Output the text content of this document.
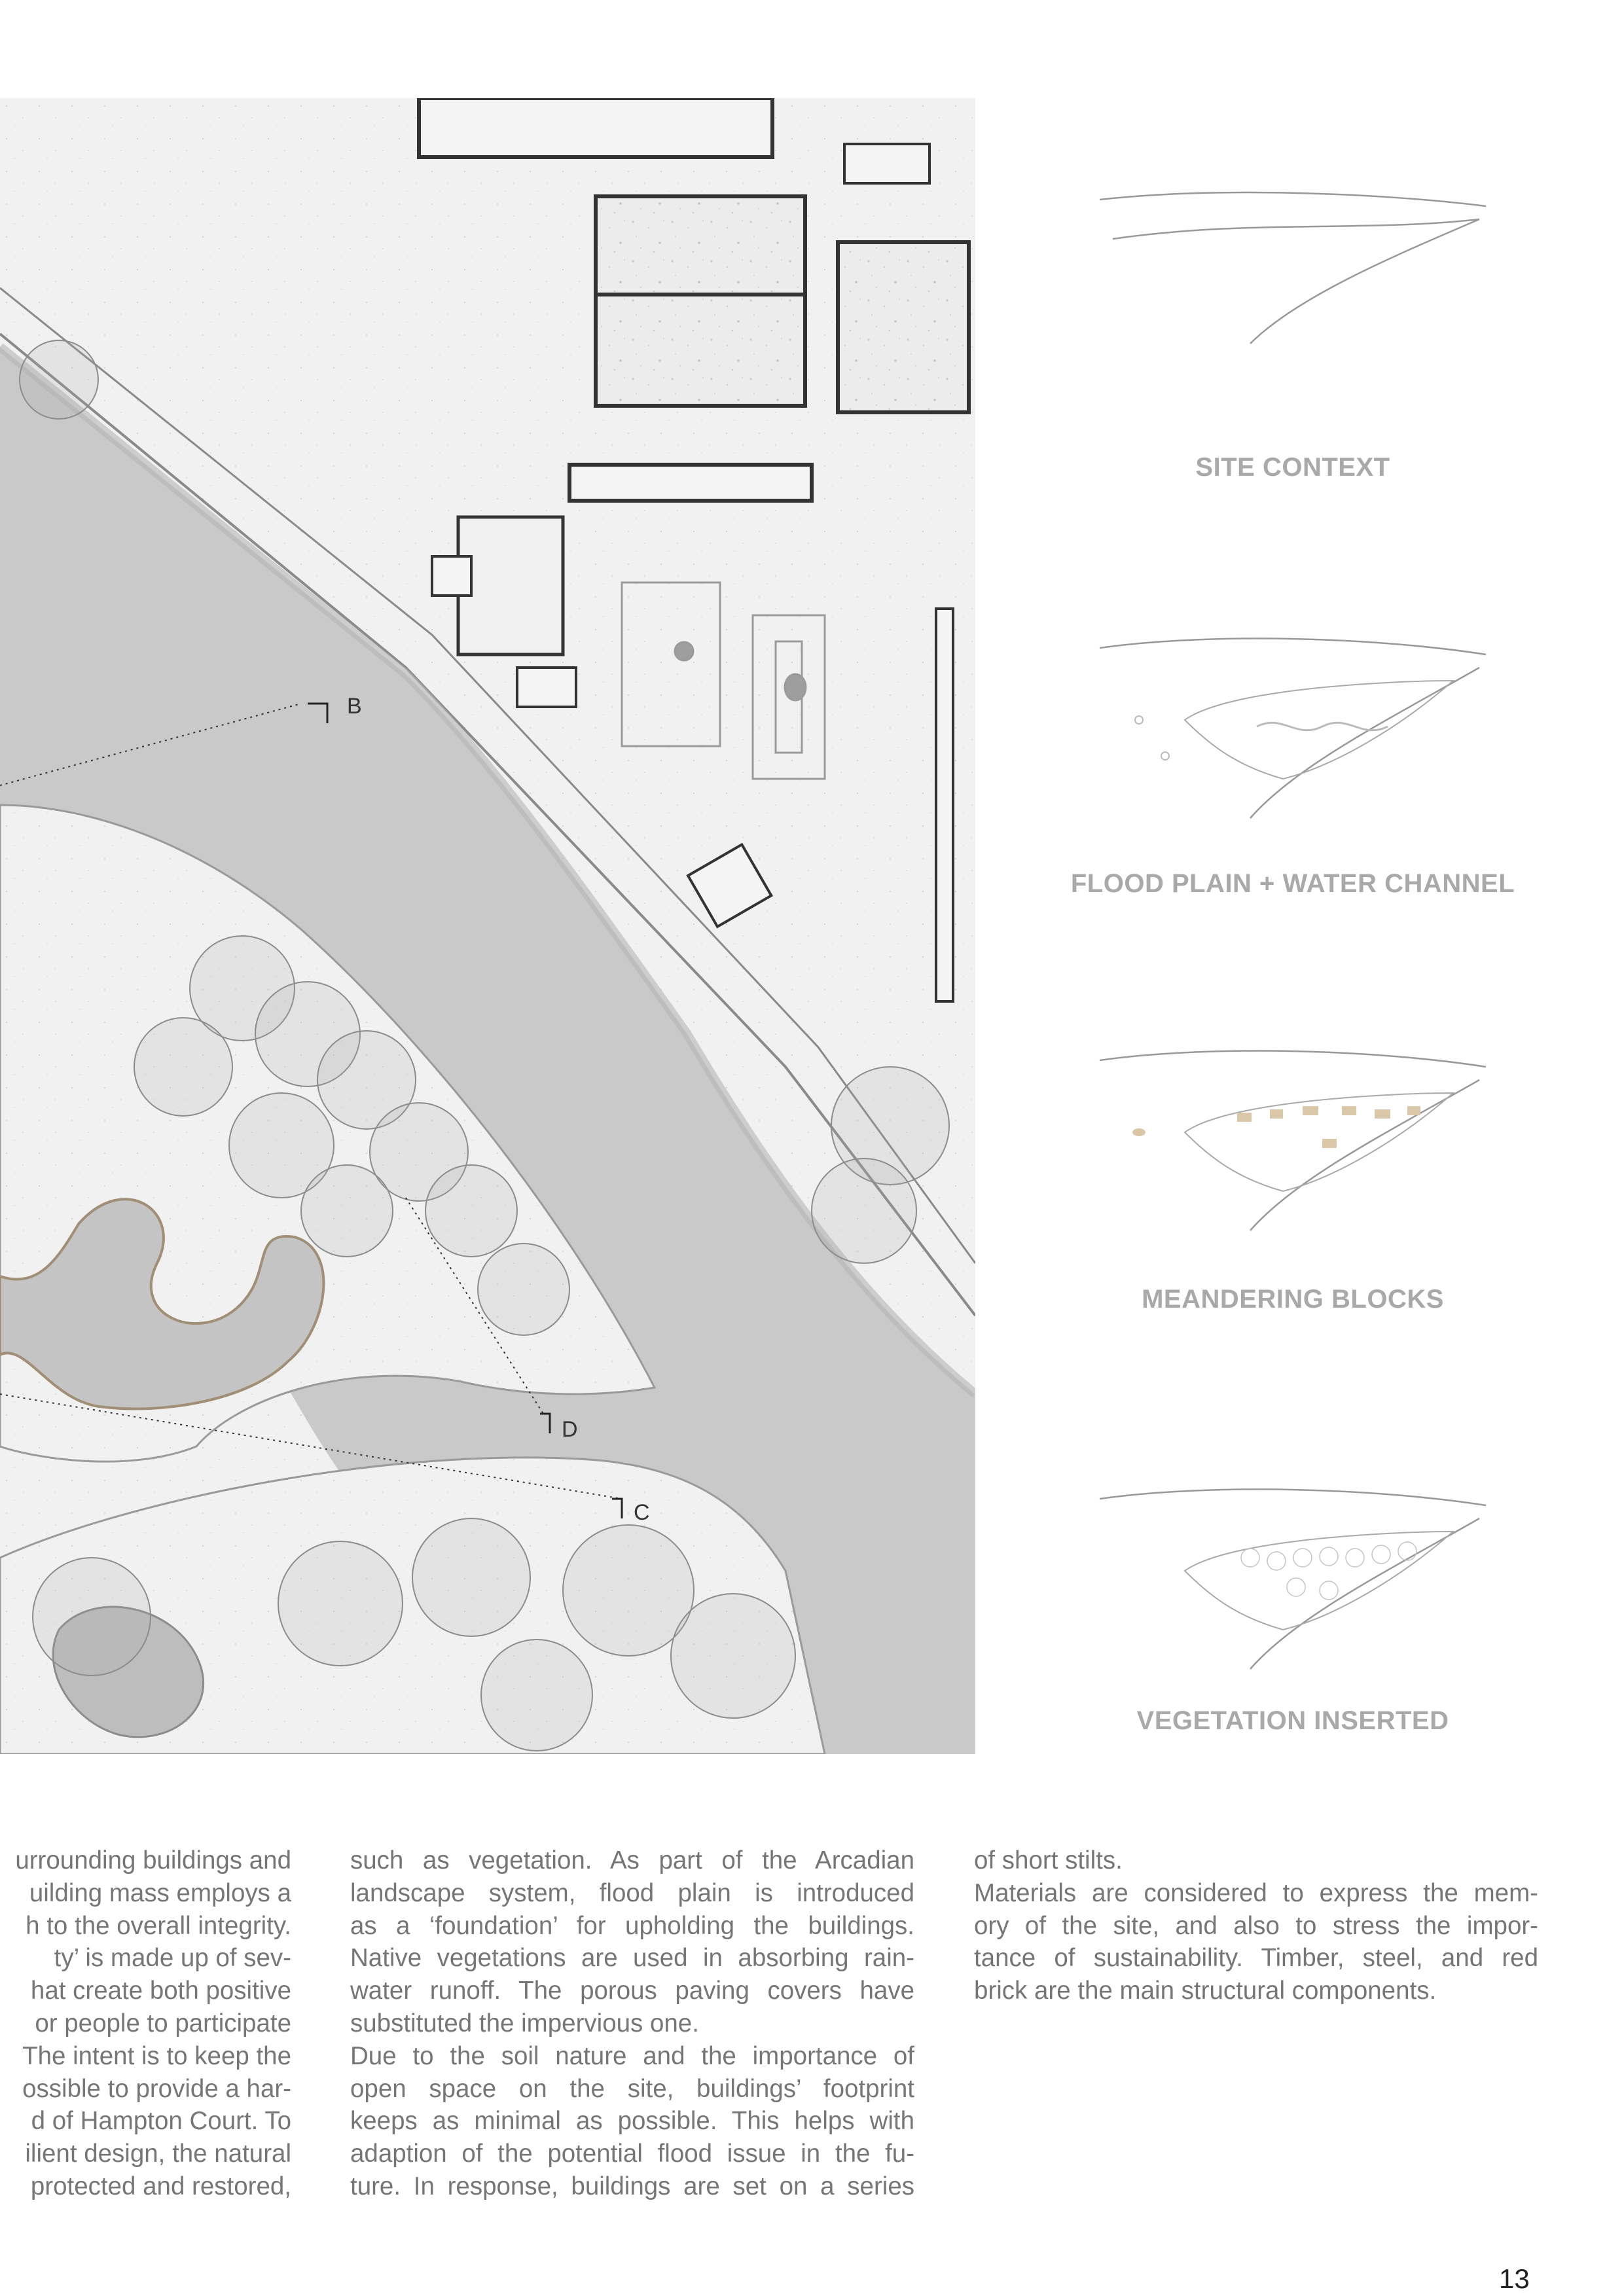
B
D
C
SITE CONTEXT
FLOOD PLAIN + WATER CHANNEL
MEANDERING BLOCKS
VEGETATION INSERTED

urrounding buildings and

uilding mass employs a

h to the overall integrity.

ty’ is made up of sev-

hat create both positive

or people to participate

The intent is to keep the

ossible to provide a har-

d of Hampton Court. To

ilient design, the natural

protected and restored,

such as vegetation. As part of the Arcadian
landscape system, flood plain is introduced
as a ‘foundation’ for upholding the buildings.
Native vegetations are used in absorbing rain-
water runoff. The porous paving covers have
substituted the impervious one.
Due to the soil nature and the importance of
open space on the site, buildings’ footprint
keeps as minimal as possible. This helps with
adaption of the potential flood issue in the fu-
ture. In response, buildings are set on a series
of short stilts.
Materials are considered to express the mem-
ory of the site, and also to stress the impor-
tance of sustainability. Timber, steel, and red
brick are the main structural components.
13
